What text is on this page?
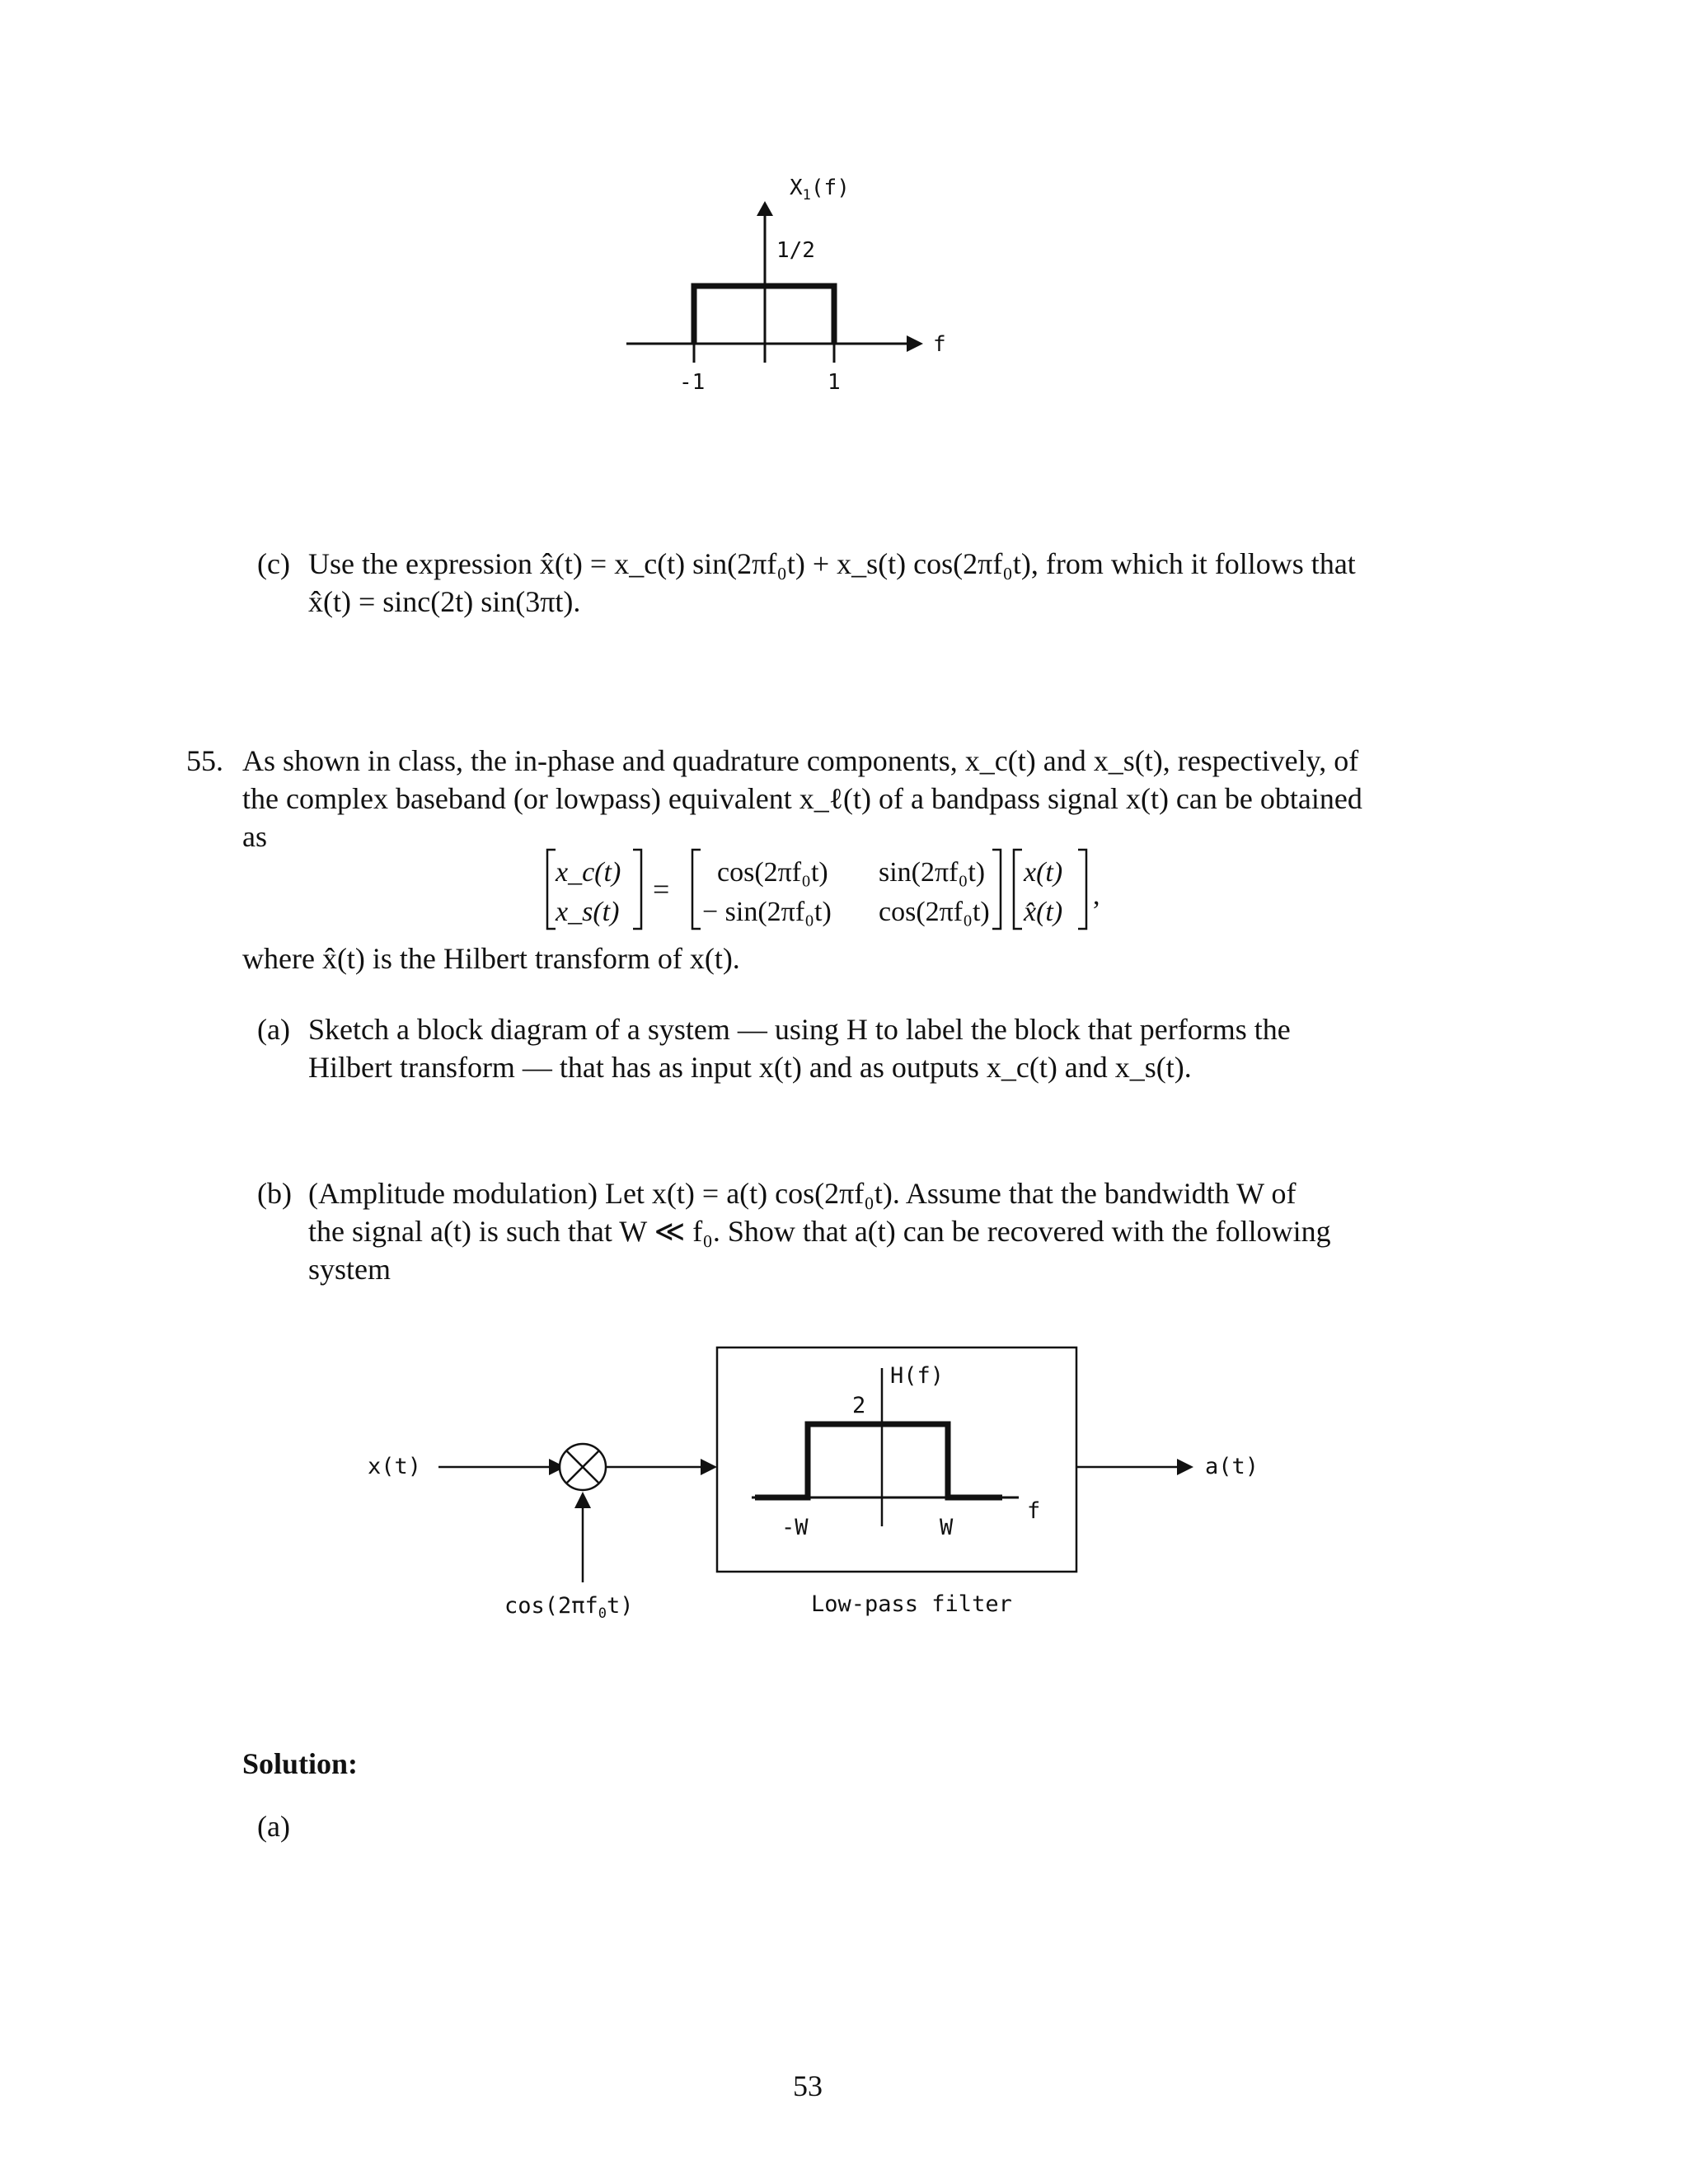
$X_1(f)$
1/2
f
-1	1
(c) Use the expression x̂(t) = x_c(t) sin(2πf₀t) + x_s(t) cos(2πf₀t), from which it follows that
x̂(t) = sinc(2t) sin(3πt).
55. As shown in class, the in-phase and quadrature components, x_c(t) and x_s(t), respectively, of
the complex baseband (or lowpass) equivalent x_ℓ(t) of a bandpass signal x(t) can be obtained
as
x_c(t)
x_s(t)
=
cos(2πf₀t) sin(2πf₀t)
− sin(2πf₀t) cos(2πf₀t)
x(t)
x̂(t)
,
where x̂(t) is the Hilbert transform of x(t).
(a) Sketch a block diagram of a system — using H to label the block that performs the
Hilbert transform — that has as input x(t) and as outputs x_c(t) and x_s(t).
(b) (Amplitude modulation) Let x(t) = a(t) cos(2πf₀t). Assume that the bandwidth W of
the signal a(t) is such that W ≪ f₀. Show that a(t) can be recovered with the following
system
x(t)
$\cos(2\pi f_0t)$
H(f)
2
-W	W
f
Low-pass filter
a(t)
Solution:
(a)
53
